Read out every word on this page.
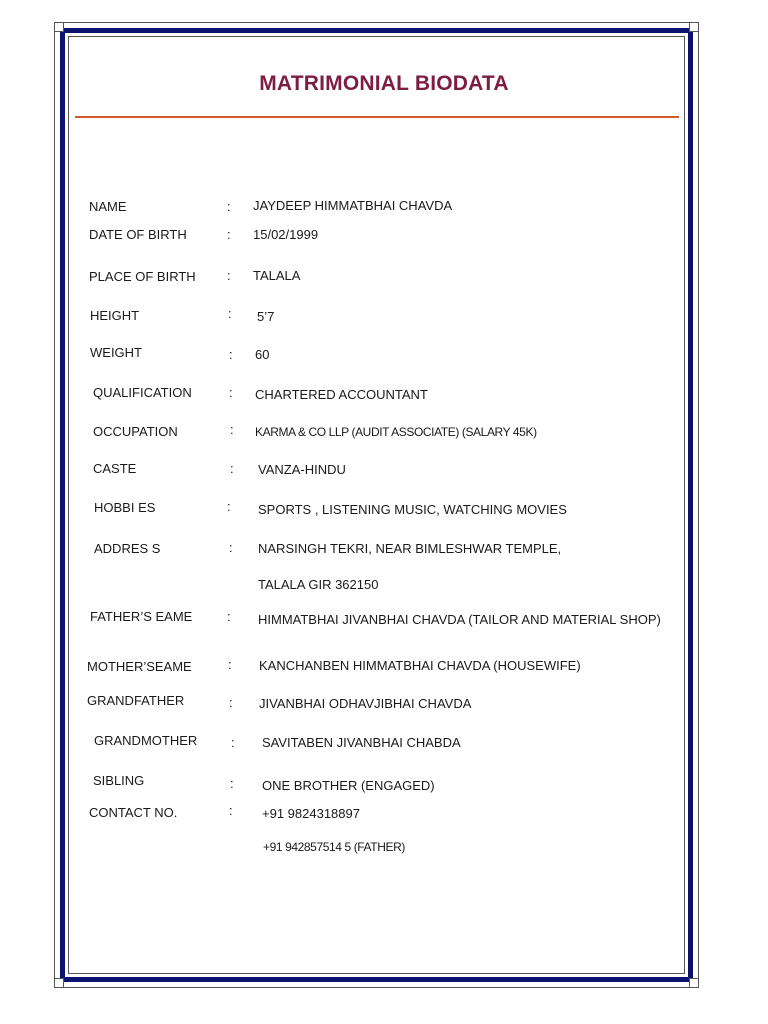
MATRIMONIAL BIODATA
NAME	: JAYDEEP HIMMATBHAI CHAVDA
DATE OF BIRTH	: 15/02/1999
PLACE OF BIRTH : TALALA
HEIGHT	: 5’7
WEIGHT	: 60
QUALIFICATION	: CHARTERED ACCOUNTANT
OCCUPATION	: KARMA & CO LLP (AUDIT ASSOCIATE) (SALARY 45K)
CASTE	: VANZA-HINDU
HOBBI ES	: SPORTS , LISTENING MUSIC, WATCHING MOVIES
ADDRES S	: NARSINGH TEKRI, NEAR BIMLESHWAR TEMPLE,
TALALA GIR 362150
FATHER’S EAME	: HIMMATBHAI JIVANBHAI CHAVDA (TAILOR AND MATERIAL SHOP)
MOTHER’SEAME	: KANCHANBEN HIMMATBHAI CHAVDA (HOUSEWIFE)
GRANDFATHER	: JIVANBHAI ODHAVJIBHAI CHAVDA
GRANDMOTHER	: SAVITABEN JIVANBHAI CHABDA
SIBLING	: ONE BROTHER (ENGAGED)
CONTACT NO.	: +91 9824318897
+91 942857514 5 (FATHER)
